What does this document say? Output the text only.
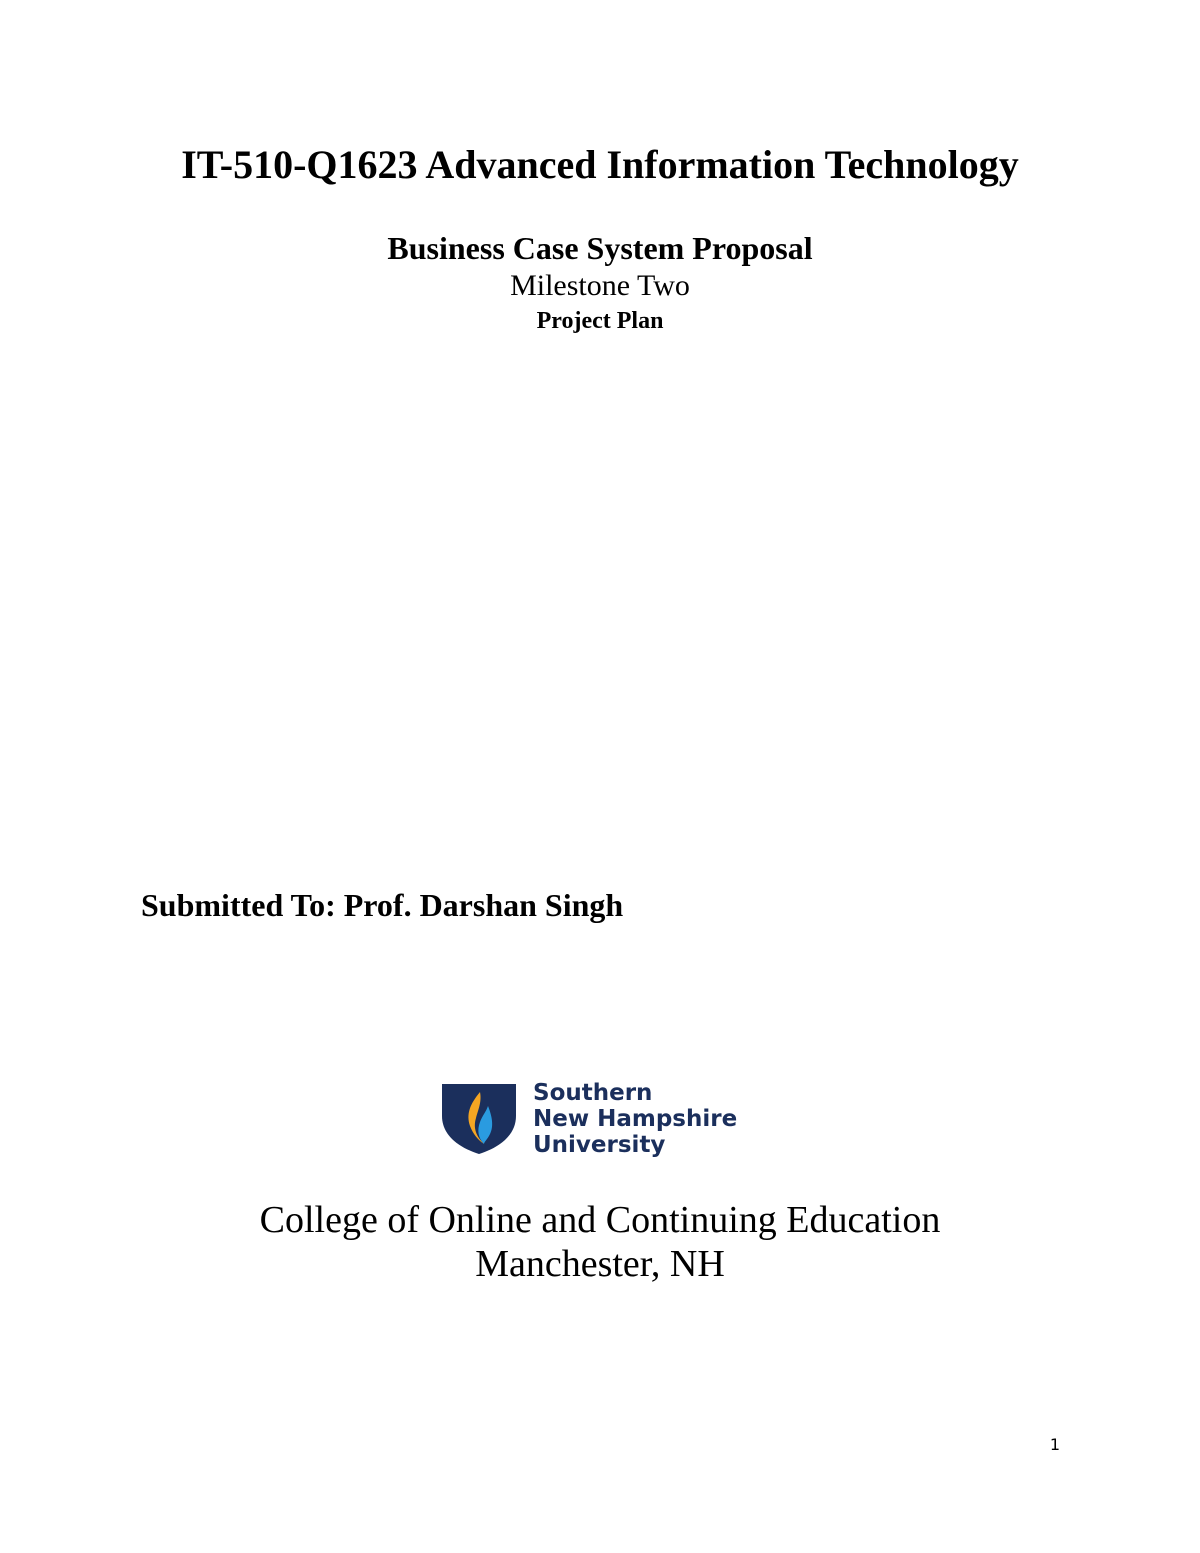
IT-510-Q1623 Advanced Information Technology
Business Case System Proposal
Milestone Two
Project Plan
Submitted To: Prof. Darshan Singh
Southern
New Hampshire
University
College of Online and Continuing Education
Manchester, NH
1
